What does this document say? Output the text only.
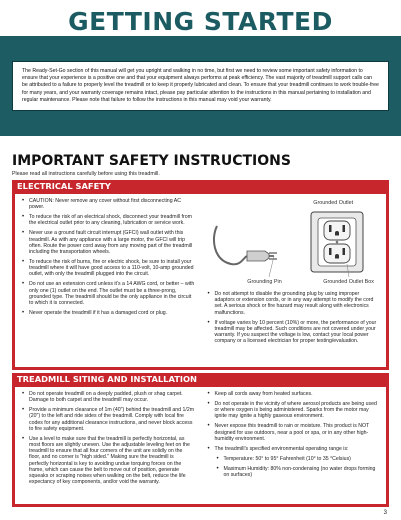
GETTING STARTED
The Ready-Set-Go section of this manual will get you upright and walking in no time, but first we need to review some important safety information to ensure that your experience is a positive one and that your equipment always performs at peak efficiency. The vast majority of treadmill support calls can be attributed to a failure to properly level the treadmill or to keep it properly lubricated and clean. To ensure that your treadmill continues to work trouble-free for many years, and your warranty coverage remains intact, please pay particular attention to the instructions in this manual pertaining to installation and regular maintenance. Please note that failure to follow the instructions in this manual may void your warranty.
IMPORTANT SAFETY INSTRUCTIONS
Please read all instructions carefully before using this treadmill.
ELECTRICAL SAFETY
• CAUTION: Never remove any cover without first disconnecting AC power.
• To reduce the risk of an electrical shock, disconnect your treadmill from the electrical outlet prior to any cleaning, lubrication or service work.
• Never use a ground fault circuit interrupt (GFCI) wall outlet with this treadmill. As with any appliance with a large motor, the GFCI will trip often. Route the power cord away from any moving part of the treadmill including the transportation wheels.
• To reduce the risk of burns, fire or electric shock, be sure to install your treadmill where it will have good access to a 110-volt, 10-amp grounded outlet, with only the treadmill plugged into the circuit.
• Do not use an extension cord unless it’s a 14 AWG cord, or better – with only one (1) outlet on the end. The outlet must be a three-prong, grounded type. The treadmill should be the only appliance in the circuit to which it is connected.
• Never operate the treadmill if it has a damaged cord or plug.
Grounded Outlet
Grounding Pin	Grounded Outlet Box
• Do not attempt to disable the grounding plug by using improper adaptors or extension cords, or in any way attempt to modify the cord set. A serious shock or fire hazard may result along with electronics malfunctions.
• If voltage varies by 10 percent (10%) or more, the performance of your treadmill may be affected. Such conditions are not covered under your warranty. If you suspect the voltage is low, contact your local power company or a licensed electrician for proper testing/evaluation.
TREADMILL SITING AND INSTALLATION
• Do not operate treadmill on a deeply padded, plush or shag carpet. Damage to both carpet and the treadmill may occur.
• Provide a minimum clearance of 1m (40") behind the treadmill and 1/2m (20") to the left and ride sides of the treadmill. Comply with local fire codes for any additional clearance instructions, and never block access to fire safety equipment.
• Use a level to make sure that the treadmill is perfectly horizontal, as most floors are slightly uneven. Use the adjustable leveling feet on the treadmill to ensure that all four corners of the unit are solidly on the floor, and no corner is "high sided." Making sure the treadmill is perfectly horizontal is key to avoiding undue torquing forces on the frame, which can cause the belt to move out of position, generate squeaks or scraping noises when walking on the belt, reduce the life expectancy of key components, and/or void the warranty.
• Keep all cords away from heated surfaces.
• Do not operate in the vicinity of where aerosol products are being used or where oxygen is being administered. Sparks from the motor may ignite may ignite a highly gaseous environment.
• Never expose this treadmill to rain or moisture. This product is NOT designed for use outdoors, near a pool or spa, or in any other high-humidity environment.
• The treadmill’s specified environmental operating range is:
• Temperature: 50° to 95° Fahrenheit (10° to 35 °Celsius)
• Maximum Humidity: 80% non-condensing (no water drops forming on surfaces)
3
